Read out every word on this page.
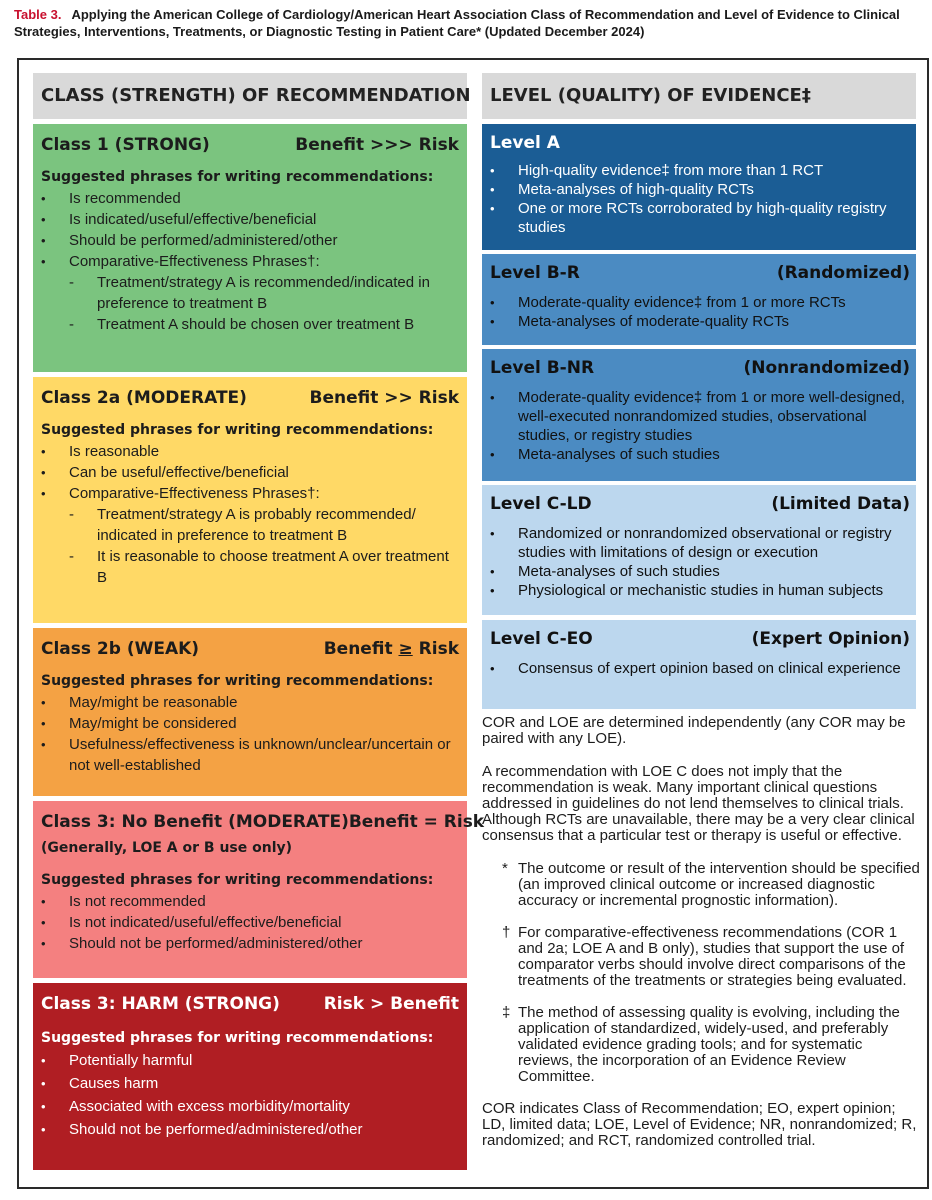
Table 3. Applying the American College of Cardiology/American Heart Association Class of Recommendation and Level of Evidence to Clinical Strategies, Interventions, Treatments, or Diagnostic Testing in Patient Care* (Updated December 2024)
CLASS (STRENGTH) OF RECOMMENDATION
Class 1 (STRONG)	Benefit >>> Risk
Suggested phrases for writing recommendations:
• Is recommended
• Is indicated/useful/effective/beneficial
• Should be performed/administered/other
• Comparative-Effectiveness Phrases†:
- Treatment/strategy A is recommended/indicated in preference to treatment B
- Treatment A should be chosen over treatment B
Class 2a (MODERATE)	Benefit >> Risk
Suggested phrases for writing recommendations:
• Is reasonable
• Can be useful/effective/beneficial
• Comparative-Effectiveness Phrases†:
- Treatment/strategy A is probably recommended/ indicated in preference to treatment B
- It is reasonable to choose treatment A over treatment B
Class 2b (WEAK)	Benefit ≥ Risk
Suggested phrases for writing recommendations:
• May/might be reasonable
• May/might be considered
• Usefulness/effectiveness is unknown/unclear/uncertain or not well-established
Class 3: No Benefit (MODERATE) Benefit = Risk
(Generally, LOE A or B use only)
Suggested phrases for writing recommendations:
• Is not recommended
• Is not indicated/useful/effective/beneficial
• Should not be performed/administered/other
Class 3: HARM (STRONG)	Risk > Benefit
Suggested phrases for writing recommendations:
• Potentially harmful
• Causes harm
• Associated with excess morbidity/mortality
• Should not be performed/administered/other
LEVEL (QUALITY) OF EVIDENCE‡
Level A
• High-quality evidence‡ from more than 1 RCT
• Meta-analyses of high-quality RCTs
• One or more RCTs corroborated by high-quality registry studies
Level B-R	(Randomized)
• Moderate-quality evidence‡ from 1 or more RCTs
• Meta-analyses of moderate-quality RCTs
Level B-NR	(Nonrandomized)
• Moderate-quality evidence‡ from 1 or more well-designed, well-executed nonrandomized studies, observational studies, or registry studies
• Meta-analyses of such studies
Level C-LD	(Limited Data)
• Randomized or nonrandomized observational or registry studies with limitations of design or execution
• Meta-analyses of such studies
• Physiological or mechanistic studies in human subjects
Level C-EO	(Expert Opinion)
• Consensus of expert opinion based on clinical experience

COR and LOE are determined independently (any COR may be paired with any LOE).

A recommendation with LOE C does not imply that the recommendation is weak. Many important clinical questions addressed in guidelines do not lend themselves to clinical trials. Although RCTs are unavailable, there may be a very clear clinical consensus that a particular test or therapy is useful or effective.

* The outcome or result of the intervention should be specified (an improved clinical outcome or increased diagnostic accuracy or incremental prognostic information).
† For comparative-effectiveness recommendations (COR 1 and 2a; LOE A and B only), studies that support the use of comparator verbs should involve direct comparisons of the treatments of the treatments or strategies being evaluated.
‡ The method of assessing quality is evolving, including the application of standardized, widely-used, and preferably validated evidence grading tools; and for systematic reviews, the incorporation of an Evidence Review Committee.

COR indicates Class of Recommendation; EO, expert opinion; LD, limited data; LOE, Level of Evidence; NR, nonrandomized; R, randomized; and RCT, randomized controlled trial.
